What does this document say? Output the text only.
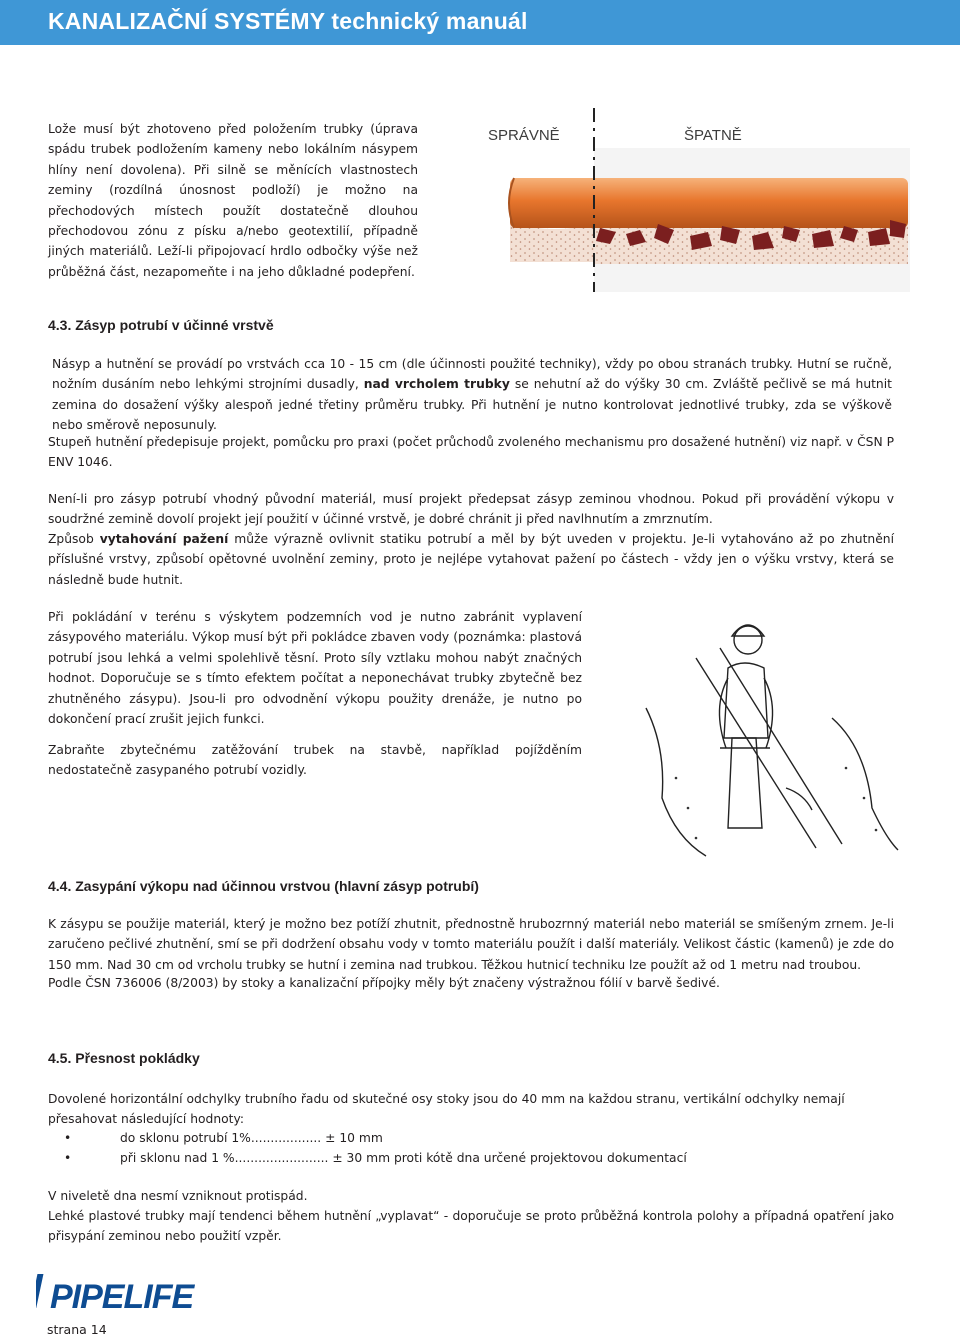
KANALIZAČNÍ SYSTÉMY technický manuál

Lože musí být zhotoveno před položením trubky (úprava spádu trubek podložením kameny nebo lokálním násypem hlíny není dovolena). Při silně se měnících vlastnostech zeminy (rozdílná únosnost podloží) je možno na přechodových místech použít dostatečně dlouhou přechodovou zónu z písku a/nebo geotextilií, případně jiných materiálů. Leží-li připojovací hrdlo odbočky výše než průběžná část, nezapomeňte i na jeho důkladné podepření.

SPRÁVNĚ	ŠPATNĚ
4.3. Zásyp potrubí v účinné vrstvě

Násyp a hutnění se provádí po vrstvách cca 10 - 15 cm (dle účinnosti použité techniky), vždy po obou stranách trubky. Hutní se ručně, nožním dusáním nebo lehkými strojními dusadly, nad vrcholem trubky se nehutní až do výšky 30 cm. Zvláště pečlivě se má hutnit zemina do dosažení výšky alespoň jedné třetiny průměru trubky. Při hutnění je nutno kontrolovat jednotlivé trubky, zda se výškově nebo směrově neposunuly.

Stupeň hutnění předepisuje projekt, pomůcku pro praxi (počet průchodů zvoleného mechanismu pro dosažené hutnění) viz např. v ČSN P ENV 1046.

Není-li pro zásyp potrubí vhodný původní materiál, musí projekt předepsat zásyp zeminou vhodnou. Pokud při provádění výkopu v soudržné zemině dovolí projekt její použití v účinné vrstvě, je dobré chránit ji před navlhnutím a zmrznutím.

Způsob vytahování pažení může výrazně ovlivnit statiku potrubí a měl by být uveden v projektu. Je-li vytahováno až po zhutnění příslušné vrstvy, způsobí opětovné uvolnění zeminy, proto je nejlépe vytahovat pažení po částech - vždy jen o výšku vrstvy, která se následně bude hutnit.

Při pokládání v terénu s výskytem podzemních vod je nutno zabránit vyplavení zásypového materiálu. Výkop musí být při pokládce zbaven vody (poznámka: plastová potrubí jsou lehká a velmi spolehlivě těsní. Proto síly vztlaku mohou nabýt značných hodnot. Doporučuje se s tímto efektem počítat a neponechávat trubky zbytečně bez zhutněného zásypu). Jsou-li pro odvodnění výkopu použity drenáže, je nutno po dokončení prací zrušit jejich funkci.

Zabraňte zbytečnému zatěžování trubek na stavbě, například pojížděním nedostatečně zasypaného potrubí vozidly.

4.4. Zasypání výkopu nad účinnou vrstvou (hlavní zásyp potrubí)

K zásypu se použije materiál, který je možno bez potíží zhutnit, přednostně hrubozrnný materiál nebo materiál se smíšeným zrnem. Je-li zaručeno pečlivé zhutnění, smí se při dodržení obsahu vody v tomto materiálu použít i další materiály. Velikost částic (kamenů) je zde do 150 mm. Nad 30 cm od vrcholu trubky se hutní i zemina nad trubkou. Těžkou hutnicí techniku lze použít až od 1 metru nad troubou.

Podle ČSN 736006 (8/2003) by stoky a kanalizační přípojky měly být značeny výstražnou fólií v barvě šedivé.

4.5. Přesnost pokládky

Dovolené horizontální odchylky trubního řadu od skutečné osy stoky jsou do 40 mm na každou stranu, vertikální odchylky nemají přesahovat následující hodnoty:

•	do sklonu potrubí 1%.................. ± 10 mm
•	při sklonu nad 1 %........................ ± 30 mm proti kótě dna určené projektovou dokumentací

V niveletě dna nesmí vzniknout protispád.

Lehké plastové trubky mají tendenci během hutnění „vyplavat“ - doporučuje se proto průběžná kontrola polohy a případná opatření jako přisypání zeminou nebo použití vzpěr.

PIPELIFE
strana 14
